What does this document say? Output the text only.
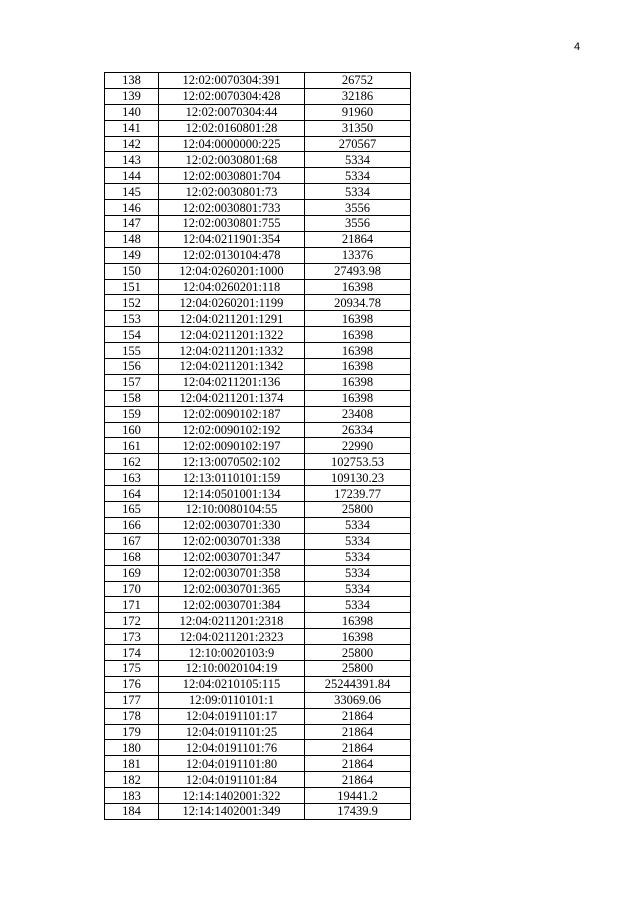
4
138	12:02:0070304:391	26752
139	12:02:0070304:428	32186
140	12:02:0070304:44	91960
141	12:02:0160801:28	31350
142	12:04:0000000:225	270567
143	12:02:0030801:68	5334
144	12:02:0030801:704	5334
145	12:02:0030801:73	5334
146	12:02:0030801:733	3556
147	12:02:0030801:755	3556
148	12:04:0211901:354	21864
149	12:02:0130104:478	13376
150	12:04:0260201:1000	27493.98
151	12:04:0260201:118	16398
152	12:04:0260201:1199	20934.78
153	12:04:0211201:1291	16398
154	12:04:0211201:1322	16398
155	12:04:0211201:1332	16398
156	12:04:0211201:1342	16398
157	12:04:0211201:136	16398
158	12:04:0211201:1374	16398
159	12:02:0090102:187	23408
160	12:02:0090102:192	26334
161	12:02:0090102:197	22990
162	12:13:0070502:102	102753.53
163	12:13:0110101:159	109130.23
164	12:14:0501001:134	17239.77
165	12:10:0080104:55	25800
166	12:02:0030701:330	5334
167	12:02:0030701:338	5334
168	12:02:0030701:347	5334
169	12:02:0030701:358	5334
170	12:02:0030701:365	5334
171	12:02:0030701:384	5334
172	12:04:0211201:2318	16398
173	12:04:0211201:2323	16398
174	12:10:0020103:9	25800
175	12:10:0020104:19	25800
176	12:04:0210105:115	25244391.84
177	12:09:0110101:1	33069.06
178	12:04:0191101:17	21864
179	12:04:0191101:25	21864
180	12:04:0191101:76	21864
181	12:04:0191101:80	21864
182	12:04:0191101:84	21864
183	12:14:1402001:322	19441.2
184	12:14:1402001:349	17439.9
